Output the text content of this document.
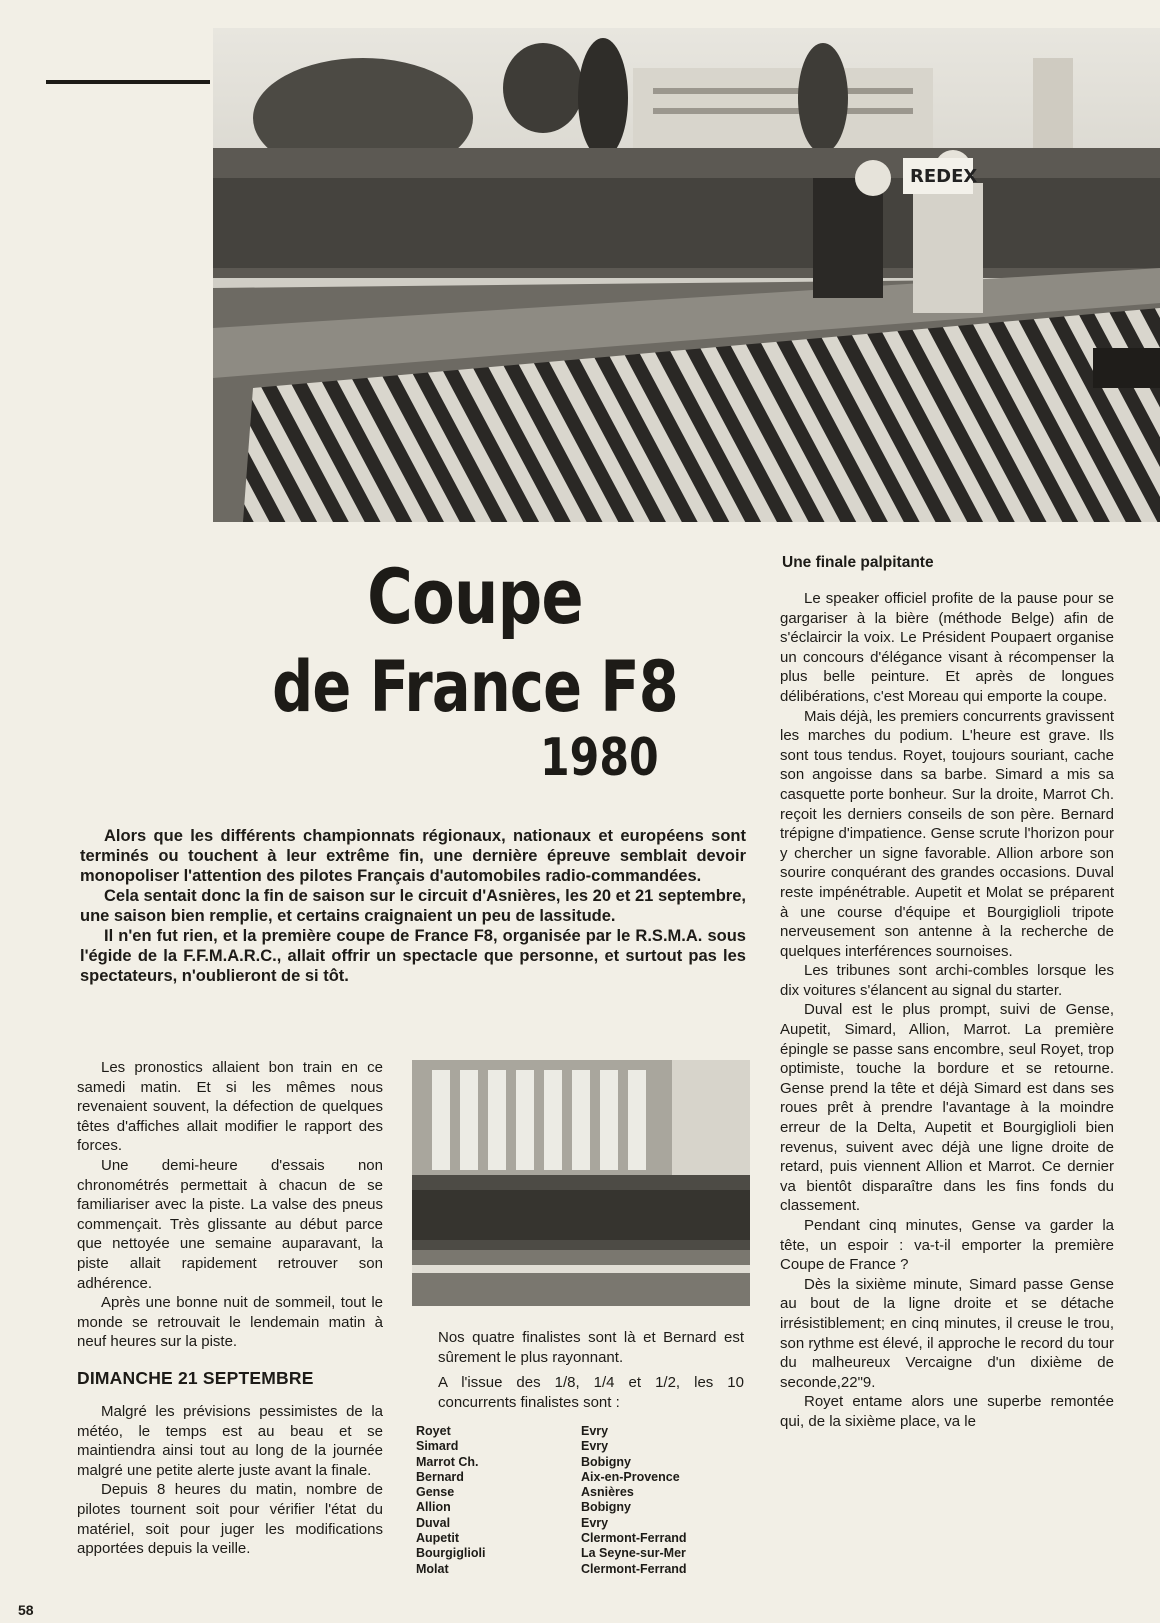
REDEX
Coupe
de France F8
1980

Alors que les différents championnats régionaux, nationaux et européens sont terminés ou touchent à leur extrême fin, une dernière épreuve semblait devoir monopoliser l'attention des pilotes Français d'automobiles radio-commandées.

Cela sentait donc la fin de saison sur le circuit d'Asnières, les 20 et 21 septembre, une saison bien remplie, et certains craignaient un peu de lassitude.

Il n'en fut rien, et la première coupe de France F8, organisée par le R.S.M.A. sous l'égide de la F.F.M.A.R.C., allait offrir un spectacle que personne, et surtout pas les spectateurs, n'oublieront de si tôt.

Les pronostics allaient bon train en ce samedi matin. Et si les mêmes nous revenaient souvent, la défection de quelques têtes d'affiches allait modifier le rapport des forces.

Une demi-heure d'essais non chronométrés permettait à chacun de se familiariser avec la piste. La valse des pneus commençait. Très glissante au début parce que nettoyée une semaine auparavant, la piste allait rapidement retrouver son adhérence.

Après une bonne nuit de sommeil, tout le monde se retrouvait le lendemain matin à neuf heures sur la piste.

DIMANCHE 21 SEPTEMBRE

Malgré les prévisions pessimistes de la météo, le temps est au beau et se maintiendra ainsi tout au long de la journée malgré une petite alerte juste avant la finale.

Depuis 8 heures du matin, nombre de pilotes tournent soit pour vérifier l'état du matériel, soit pour juger les modifications apportées depuis la veille.

Nos quatre finalistes sont là et Bernard est sûrement le plus rayonnant.

A l'issue des 1/8, 1/4 et 1/2, les 10 concurrents finalistes sont :

Royet	Evry
Simard	Evry
Marrot Ch.	Bobigny
Bernard	Aix-en-Provence
Gense	Asnières
Allion	Bobigny
Duval	Evry
Aupetit	Clermont-Ferrand
Bourgiglioli	La Seyne-sur-Mer
Molat	Clermont-Ferrand
Une finale palpitante

Le speaker officiel profite de la pause pour se gargariser à la bière (méthode Belge) afin de s'éclaircir la voix. Le Président Poupaert organise un concours d'élégance visant à récompenser la plus belle peinture. Et après de longues délibérations, c'est Moreau qui emporte la coupe.

Mais déjà, les premiers concurrents gravissent les marches du podium. L'heure est grave. Ils sont tous tendus. Royet, toujours souriant, cache son angoisse dans sa barbe. Simard a mis sa casquette porte bonheur. Sur la droite, Marrot Ch. reçoit les derniers conseils de son père. Bernard trépigne d'impatience. Gense scrute l'horizon pour y chercher un signe favorable. Allion arbore son sourire conquérant des grandes occasions. Duval reste impénétrable. Aupetit et Molat se préparent à une course d'équipe et Bourgiglioli tripote nerveusement son antenne à la recherche de quelques interférences sournoises.

Les tribunes sont archi-combles lorsque les dix voitures s'élancent au signal du starter.

Duval est le plus prompt, suivi de Gense, Aupetit, Simard, Allion, Marrot. La première épingle se passe sans encombre, seul Royet, trop optimiste, touche la bordure et se retourne. Gense prend la tête et déjà Simard est dans ses roues prêt à prendre l'avantage à la moindre erreur de la Delta, Aupetit et Bourgiglioli bien revenus, suivent avec déjà une ligne droite de retard, puis viennent Allion et Marrot. Ce dernier va bientôt disparaître dans les fins fonds du classement.

Pendant cinq minutes, Gense va garder la tête, un espoir : va-t-il emporter la première Coupe de France ?

Dès la sixième minute, Simard passe Gense au bout de la ligne droite et se détache irrésistiblement; en cinq minutes, il creuse le trou, son rythme est élevé, il approche le record du tour du malheureux Vercaigne d'un dixième de seconde,22"9.

Royet entame alors une superbe remontée qui, de la sixième place, va le

58
